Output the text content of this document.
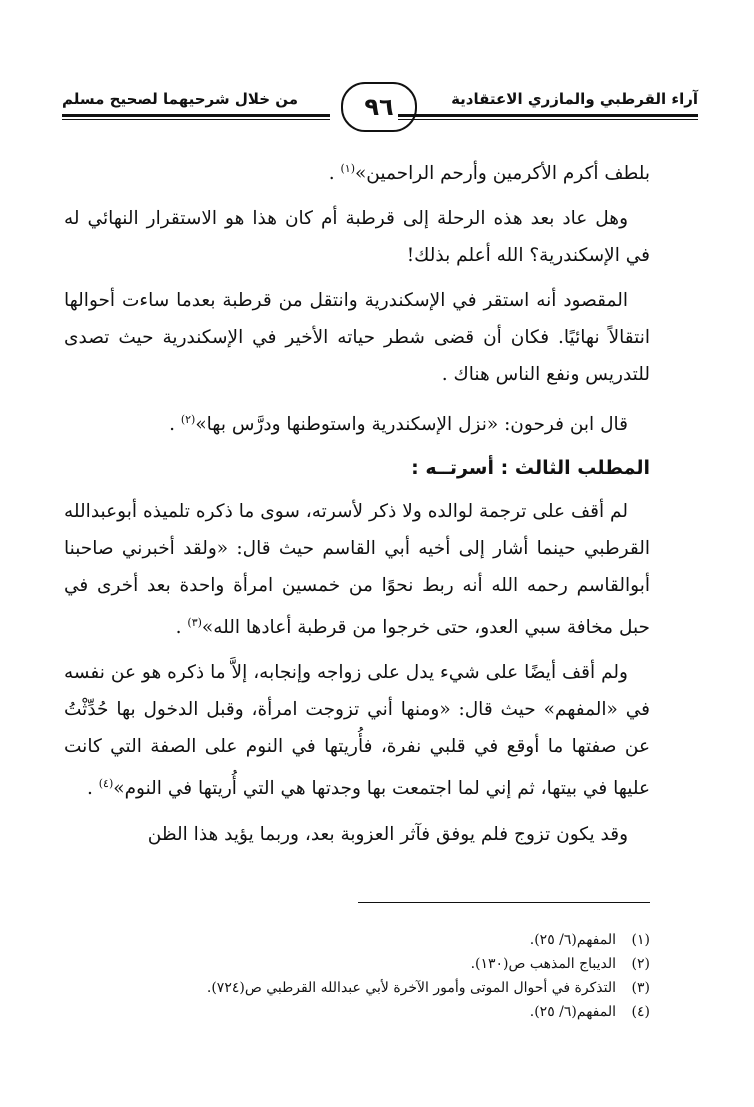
آراء القرطبي والمازري الاعتقادية
من خلال شرحيهما لصحيح مسلم	٩٦

بلطف أكرم الأكرمين وأرحم الراحمين»$^{(١)}$ .

وهل عاد بعد هذه الرحلة إلى قرطبة أم كان هذا هو الاستقرار النهائي له في الإسكندرية؟ الله أعلم بذلك!

المقصود أنه استقر في الإسكندرية وانتقل من قرطبة بعدما ساءت أحوالها انتقالاً نهائيًا. فكان أن قضى شطر حياته الأخير في الإسكندرية حيث تصدى للتدريس ونفع الناس هناك .

قال ابن فرحون: «نزل الإسكندرية واستوطنها ودرَّس بها»$^{(٢)}$ .

المطلب الثالث : أسرتــه :

لم أقف على ترجمة لوالده ولا ذكر لأسرته، سوى ما ذكره تلميذه أبوعبدالله القرطبي حينما أشار إلى أخيه أبي القاسم حيث قال: «ولقد أخبرني صاحبنا أبوالقاسم رحمه الله أنه ربط نحوًا من خمسين امرأة واحدة بعد أخرى في حبل مخافة سبي العدو، حتى خرجوا من قرطبة أعادها الله»$^{(٣)}$ .

ولم أقف أيضًا على شيء يدل على زواجه وإنجابه، إلاَّ ما ذكره هو عن نفسه في «المفهم» حيث قال: «ومنها أني تزوجت امرأة، وقبل الدخول بها حُدِّثْتُ عن صفتها ما أوقع في قلبي نفرة، فأُريتها في النوم على الصفة التي كانت عليها في بيتها، ثم إني لما اجتمعت بها وجدتها هي التي أُريتها في النوم»$^{(٤)}$ .

وقد يكون تزوج فلم يوفق فآثر العزوبة بعد، وربما يؤيد هذا الظن

(١)
المفهم(٦/ ٢٥).
(٢)
الديباج المذهب ص(١٣٠).
(٣)
التذكرة في أحوال الموتى وأمور الآخرة لأبي عبدالله القرطبي ص(٧٢٤).
(٤)
المفهم(٦/ ٢٥).
